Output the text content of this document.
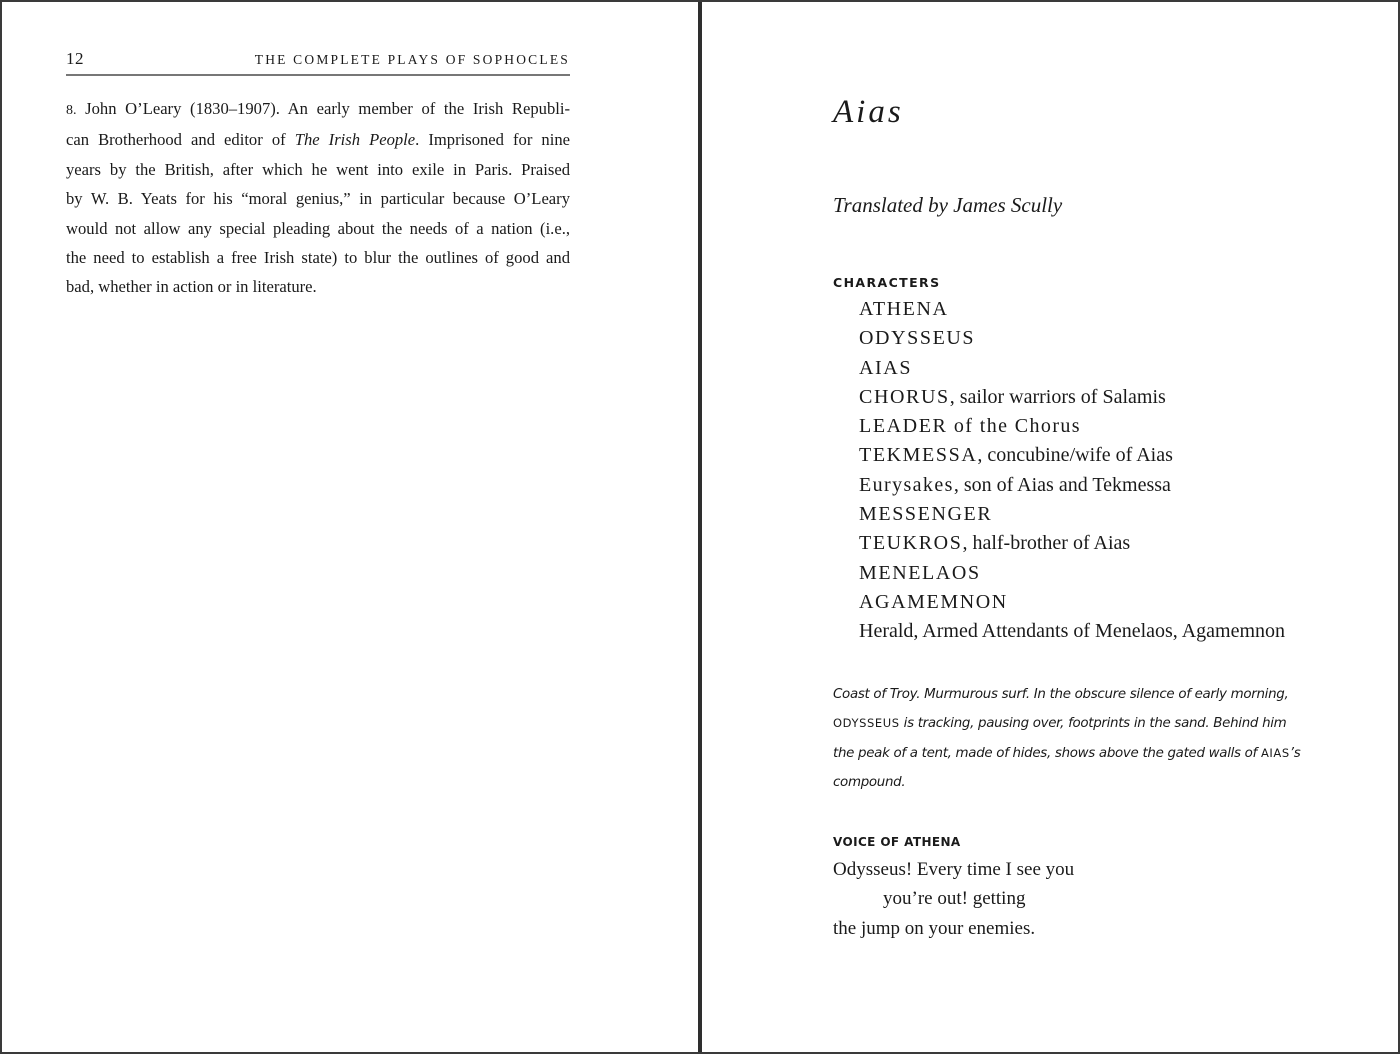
12	THE COMPLETE PLAYS OF SOPHOCLES
8. John O’Leary (1830–1907). An early member of the Irish Republi-
can Brotherhood and editor of The Irish People. Imprisoned for nine
years by the British, after which he went into exile in Paris. Praised
by W. B. Yeats for his “moral genius,” in particular because O’Leary
would not allow any special pleading about the needs of a nation (i.e.,
the need to establish a free Irish state) to blur the outlines of good and
bad, whether in action or in literature.
Aias
Translated by James Scully
CHARACTERS
ATHENA
ODYSSEUS
AIAS
CHORUS, sailor warriors of Salamis
LEADER of the Chorus
TEKMESSA, concubine/wife of Aias
Eurysakes, son of Aias and Tekmessa
MESSENGER
TEUKROS, half-brother of Aias
MENELAOS
AGAMEMNON
Herald, Armed Attendants of Menelaos, Agamemnon
Coast of Troy. Murmurous surf. In the obscure silence of early morning,
ODYSSEUS is tracking, pausing over, footprints in the sand. Behind him
the peak of a tent, made of hides, shows above the gated walls of AIAS’s
compound.
VOICE OF ATHENA
Odysseus! Every time I see you
you’re out! getting
the jump on your enemies.
